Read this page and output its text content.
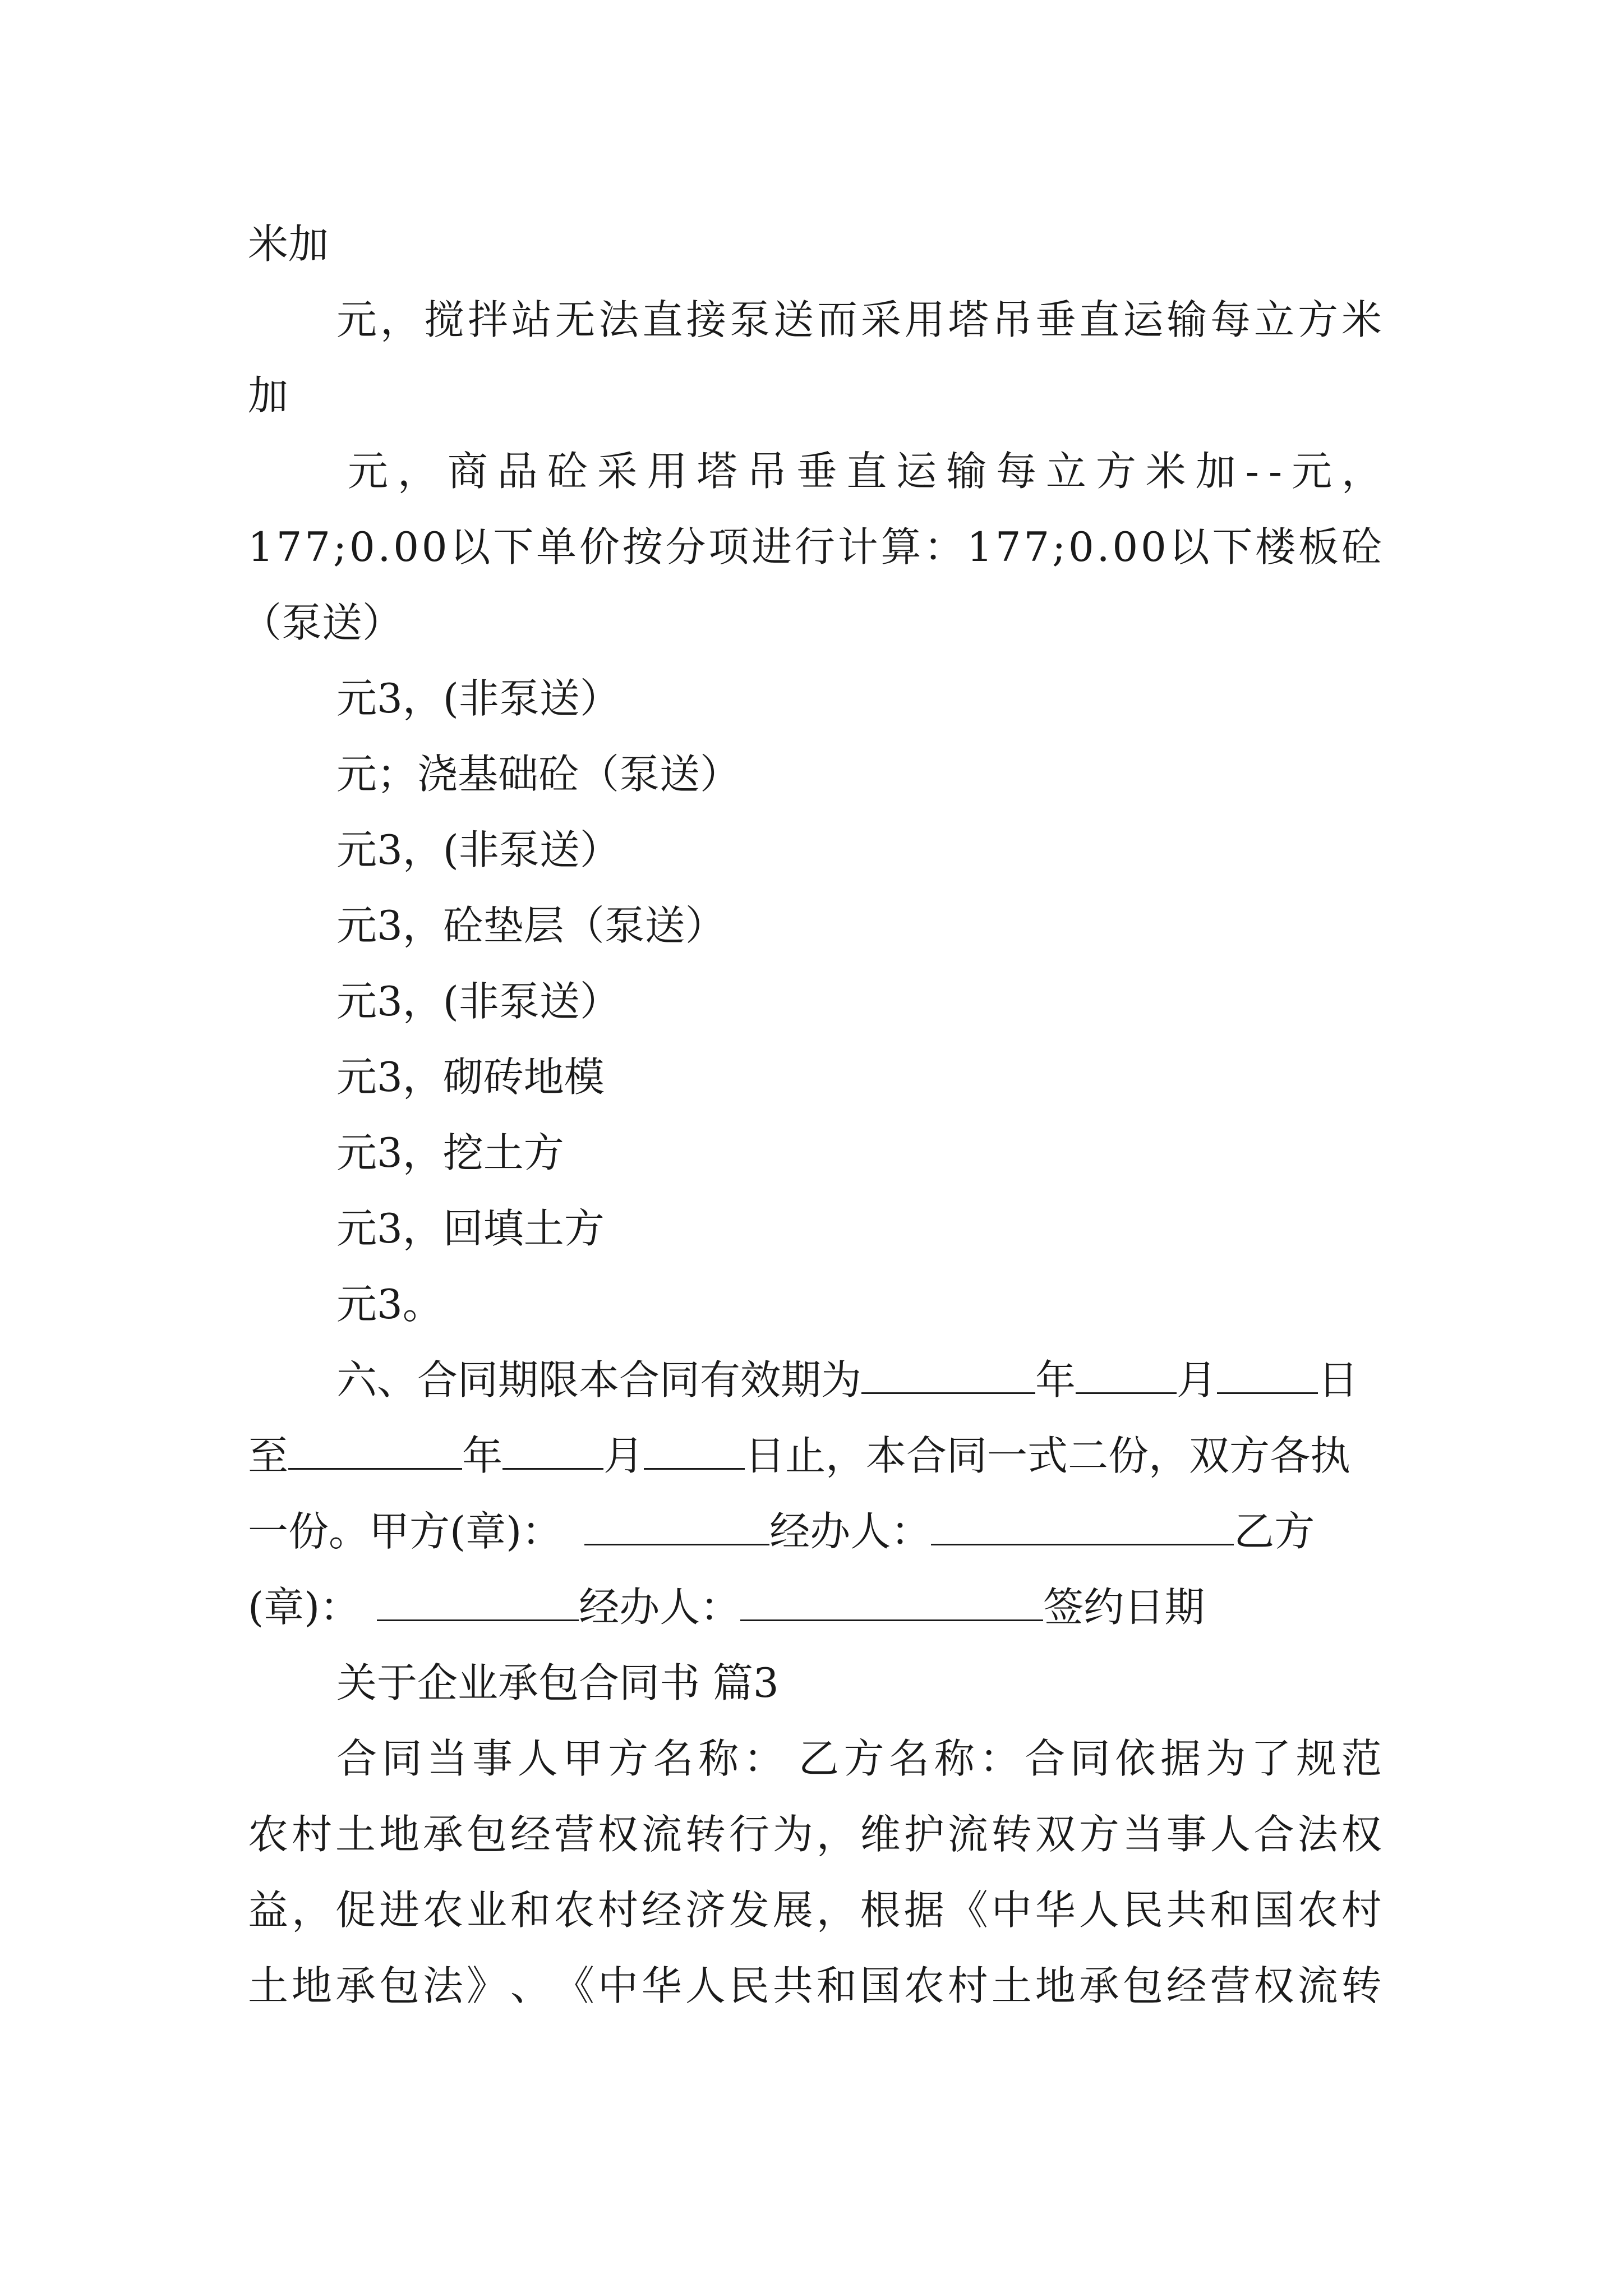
米加
元 ， 搅 拌 站 无 法 直 接 泵 送 而 采 用 塔 吊 垂 直 运 输 每 立 方 米
加
元 ， 商 品 砼 采 用 塔 吊 垂 直 运 输 每 立 方 米 加 - - 元 ，
1 7 7 ; 0 . 0 0 以 下 单 价 按 分 项 进 行 计 算 ： 1 7 7 ; 0 . 0 0 以 下 楼 板 砼
（泵送）
元3，(非泵送）
元；浇基础砼（泵送）
元3，(非泵送）
元3，砼垫层（泵送）
元3，(非泵送）
元3，砌砖地模
元3，挖土方
元3，回填土方
元3。
六、合同期限本合同有效期为	年	月	日
至	年	月	日止，本合同一式二份，双方各执
一份。甲方(章)：	经办人：	乙方
(章)：	经办人：	签约日期
关于企业承包合同书 篇3
合 同 当 事 人 甲 方 名 称 ： 乙 方 名 称 ： 合 同 依 据 为 了 规 范
农 村 土 地 承 包 经 营 权 流 转 行 为 ， 维 护 流 转 双 方 当 事 人 合 法 权
益 ， 促 进 农 业 和 农 村 经 济 发 展 ， 根 据 《 中 华 人 民 共 和 国 农 村
土 地 承 包 法 》 、 《 中 华 人 民 共 和 国 农 村 土 地 承 包 经 营 权 流 转
